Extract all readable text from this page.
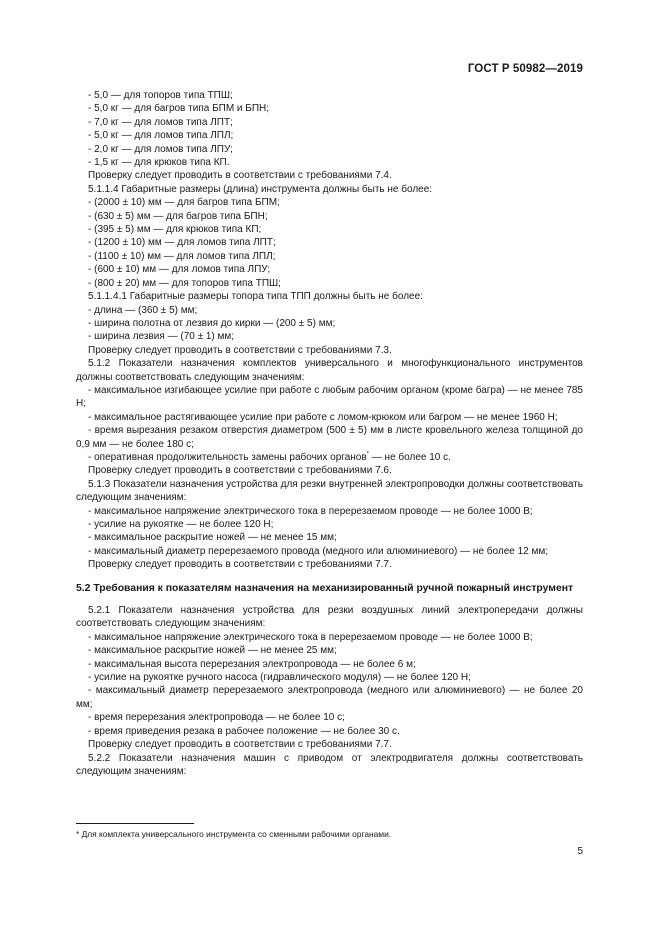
ГОСТ Р 50982—2019

- 5,0 — для топоров типа ТПШ;

- 5,0 кг — для багров типа БПМ и БПН;

- 7,0 кг — для ломов типа ЛПТ;

- 5,0 кг — для ломов типа ЛПЛ;

- 2,0 кг — для ломов типа ЛПУ;

- 1,5 кг — для крюков типа КП.

Проверку следует проводить в соответствии с требованиями 7.4.

5.1.1.4 Габаритные размеры (длина) инструмента должны быть не более:

- (2000 ± 10) мм — для багров типа БПМ;

- (630 ± 5) мм — для багров типа БПН;

- (395 ± 5) мм — для крюков типа КП;

- (1200 ± 10) мм — для ломов типа ЛПТ;

- (1100 ± 10) мм — для ломов типа ЛПЛ;

- (600 ± 10) мм — для ломов типа ЛПУ;

- (800 ± 20) мм — для топоров типа ТПШ;

5.1.1.4.1 Габаритные размеры топора типа ТПП должны быть не более:

- длина — (360 ± 5) мм;

- ширина полотна от лезвия до кирки — (200 ± 5) мм;

- ширина лезвия — (70 ± 1) мм;

Проверку следует проводить в соответствии с требованиями 7.3.

5.1.2 Показатели назначения комплектов универсального и многофункционального инструментов должны соответствовать следующим значениям:

- максимальное изгибающее усилие при работе с любым рабочим органом (кроме багра) — не менее 785 Н;

- максимальное растягивающее усилие при работе с ломом-крюком или багром — не менее 1960 Н;

- время вырезания резаком отверстия диаметром (500 ± 5) мм в листе кровельного железа толщиной до 0,9 мм — не более 180 с;

- оперативная продолжительность замены рабочих органов* — не более 10 с.

Проверку следует проводить в соответствии с требованиями 7.6.

5.1.3 Показатели назначения устройства для резки внутренней электропроводки должны соответствовать следующим значениям:

- максимальное напряжение электрического тока в перерезаемом проводе — не более 1000 В;

- усилие на рукоятке — не более 120 Н;

- максимальное раскрытие ножей — не менее 15 мм;

- максимальный диаметр перерезаемого провода (медного или алюминиевого) — не более 12 мм;

Проверку следует проводить в соответствии с требованиями 7.7.

5.2 Требования к показателям назначения на механизированный ручной пожарный инструмент

5.2.1 Показатели назначения устройства для резки воздушных линий электропередачи должны соответствовать следующим значениям:

- максимальное напряжение электрического тока в перерезаемом проводе — не более 1000 В;

- максимальное раскрытие ножей — не менее 25 мм;

- максимальная высота перерезания электропровода — не более 6 м;

- усилие на рукоятке ручного насоса (гидравлического модуля) — не более 120 Н;

- максимальный диаметр перерезаемого электропровода (медного или алюминиевого) — не более 20 мм;

- время перерезания электропровода — не более 10 с;

- время приведения резака в рабочее положение — не более 30 с.

Проверку следует проводить в соответствии с требованиями 7.7.

5.2.2 Показатели назначения машин с приводом от электродвигателя должны соответствовать следующим значениям:

* Для комплекта универсального инструмента со сменными рабочими органами.
5
